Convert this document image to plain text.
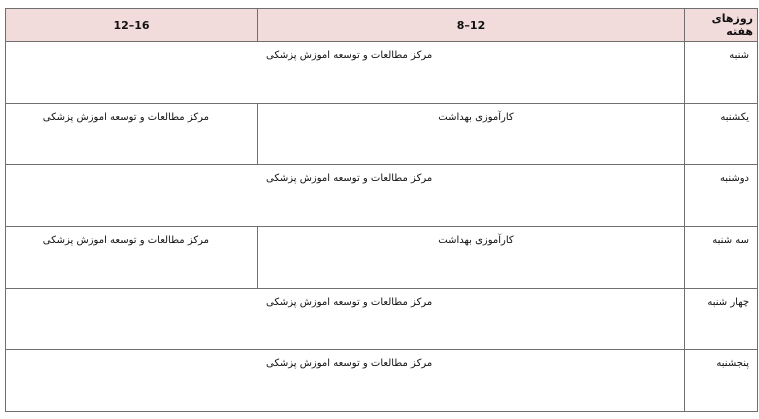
12–16	8–12	روزهای هفته
مرکز مطالعات و توسعه اموزش پزشکی		شنبه
مرکز مطالعات و توسعه اموزش پزشکی	کارآموزی بهداشت	یکشنبه
مرکز مطالعات و توسعه اموزش پزشکی		دوشنبه
مرکز مطالعات و توسعه اموزش پزشکی	کارآموزی بهداشت	سه شنبه
مرکز مطالعات و توسعه اموزش پزشکی		چهار شنبه
مرکز مطالعات و توسعه اموزش پزشکی		پنجشنبه
